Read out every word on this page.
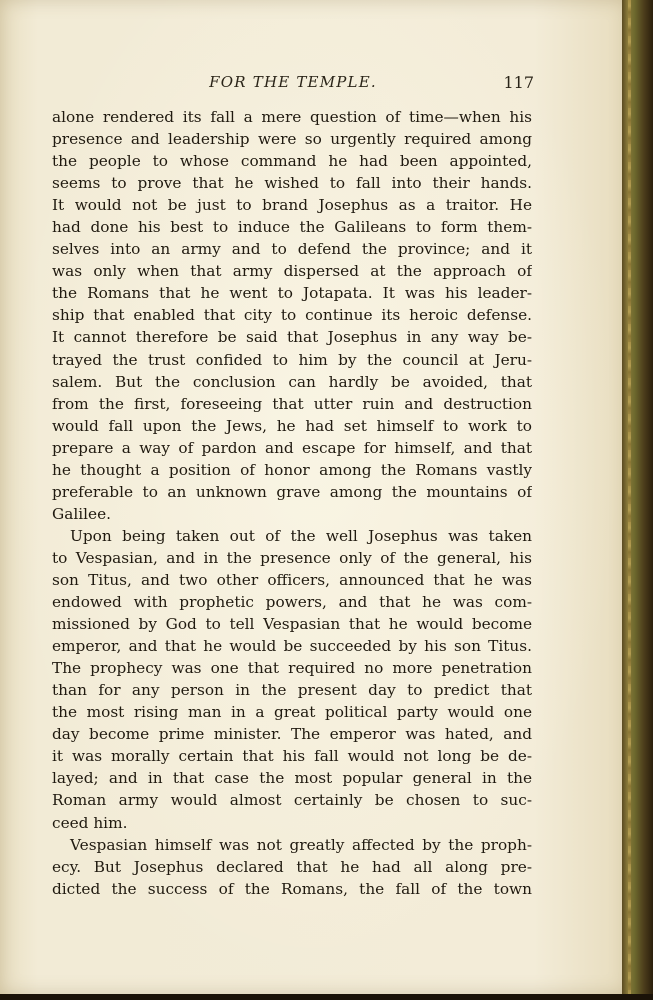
FOR THE TEMPLE.	117
alone rendered its fall a mere question of time—when his
presence and leadership were so urgently required among
the people to whose command he had been appointed,
seems to prove that he wished to fall into their hands.
It would not be just to brand Josephus as a traitor. He
had done his best to induce the Galileans to form them-
selves into an army and to defend the province; and it
was only when that army dispersed at the approach of
the Romans that he went to Jotapata. It was his leader-
ship that enabled that city to continue its heroic defense.
It cannot therefore be said that Josephus in any way be-
trayed the trust confided to him by the council at Jeru-
salem. But the conclusion can hardly be avoided, that
from the first, foreseeing that utter ruin and destruction
would fall upon the Jews, he had set himself to work to
prepare a way of pardon and escape for himself, and that
he thought a position of honor among the Romans vastly
preferable to an unknown grave among the mountains of
Galilee.
Upon being taken out of the well Josephus was taken
to Vespasian, and in the presence only of the general, his
son Titus, and two other officers, announced that he was
endowed with prophetic powers, and that he was com-
missioned by God to tell Vespasian that he would become
emperor, and that he would be succeeded by his son Titus.
The prophecy was one that required no more penetration
than for any person in the present day to predict that
the most rising man in a great political party would one
day become prime minister. The emperor was hated, and
it was morally certain that his fall would not long be de-
layed; and in that case the most popular general in the
Roman army would almost certainly be chosen to suc-
ceed him.
Vespasian himself was not greatly affected by the proph-
ecy. But Josephus declared that he had all along pre-
dicted the success of the Romans, the fall of the town
